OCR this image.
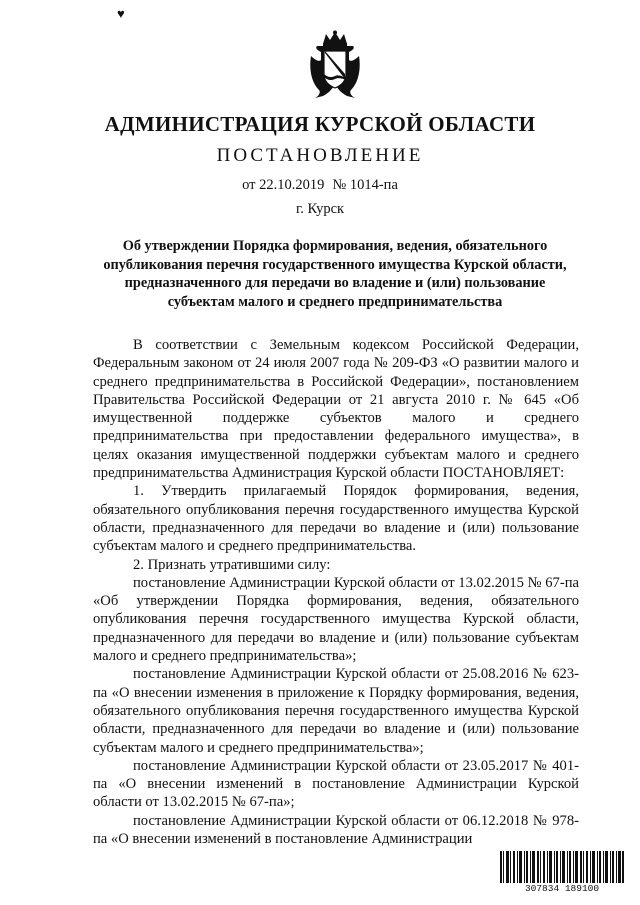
♥
АДМИНИСТРАЦИЯ КУРСКОЙ ОБЛАСТИ
ПОСТАНОВЛЕНИЕ
от 22.10.2019 № 1014-па
г. Курск
Об утверждении Порядка формирования, ведения, обязательного опубликования перечня государственного имущества Курской области, предназначенного для передачи во владение и (или) пользование субъектам малого и среднего предпринимательства

В соответствии с Земельным кодексом Российской Федерации, Федеральным законом от 24 июля 2007 года № 209-ФЗ «О развитии малого и среднего предпринимательства в Российской Федерации», постановлением Правительства Российской Федерации от 21 августа 2010 г. № 645 «Об имущественной поддержке субъектов малого и среднего предпринимательства при предоставлении федерального имущества», в целях оказания имущественной поддержки субъектам малого и среднего предпринимательства Администрация Курской области ПОСТАНОВЛЯЕТ:

1. Утвердить прилагаемый Порядок формирования, ведения, обязательного опубликования перечня государственного имущества Курской области, предназначенного для передачи во владение и (или) пользование субъектам малого и среднего предпринимательства.

2. Признать утратившими силу:

постановление Администрации Курской области от 13.02.2015 № 67-па «Об утверждении Порядка формирования, ведения, обязательного опубликования перечня государственного имущества Курской области, предназначенного для передачи во владение и (или) пользование субъектам малого и среднего предпринимательства»;

постановление Администрации Курской области от 25.08.2016 № 623-па «О внесении изменения в приложение к Порядку формирования, ведения, обязательного опубликования перечня государственного имущества Курской области, предназначенного для передачи во владение и (или) пользование субъектам малого и среднего предпринимательства»;

постановление Администрации Курской области от 23.05.2017 № 401-па «О внесении изменений в постановление Администрации Курской области от 13.02.2015 № 67-па»;

постановление Администрации Курской области от 06.12.2018 № 978-па «О внесении изменений в постановление Администрации

307834 189100
